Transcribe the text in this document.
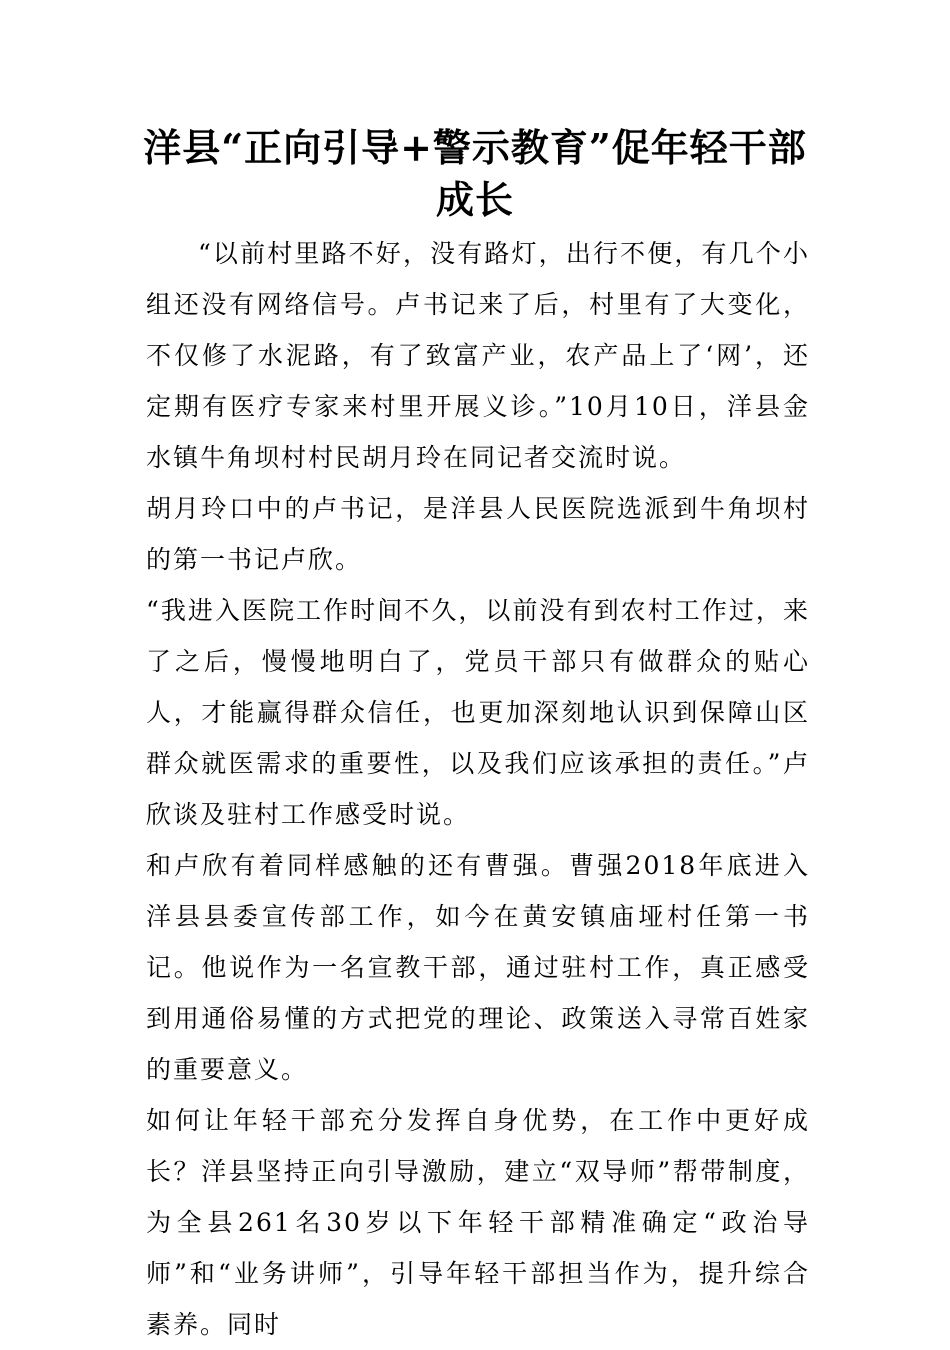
洋县“正向引导+警示教育”促年轻干部成长

“以前村里路不好，没有路灯，出行不便，有几个小组还没有网络信号。卢书记来了后，村里有了大变化，不仅修了水泥路，有了致富产业，农产品上了‘网’，还定期有医疗专家来村里开展义诊。”10月10日，洋县金水镇牛角坝村村民胡月玲在同记者交流时说。

胡月玲口中的卢书记，是洋县人民医院选派到牛角坝村的第一书记卢欣。

“我进入医院工作时间不久，以前没有到农村工作过，来了之后，慢慢地明白了，党员干部只有做群众的贴心人，才能赢得群众信任，也更加深刻地认识到保障山区群众就医需求的重要性，以及我们应该承担的责任。”卢欣谈及驻村工作感受时说。

和卢欣有着同样感触的还有曹强。曹强2018年底进入洋县县委宣传部工作，如今在黄安镇庙垭村任第一书记。他说作为一名宣教干部，通过驻村工作，真正感受到用通俗易懂的方式把党的理论、政策送入寻常百姓家的重要意义。

如何让年轻干部充分发挥自身优势，在工作中更好成长？洋县坚持正向引导激励，建立“双导师”帮带制度，为全县261名30岁以下年轻干部精准确定“政治导师”和“业务讲师”，引导年轻干部担当作为，提升综合素养。同时
